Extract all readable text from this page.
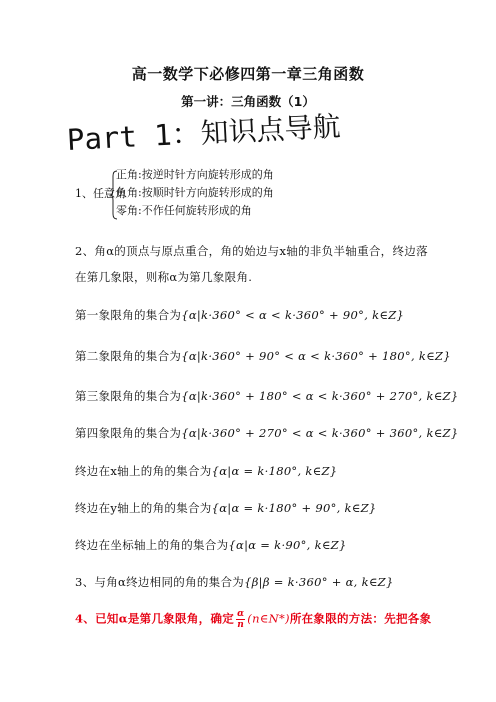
高一数学下必修四第一章三角函数
第一讲：三角函数（1）
Part 1：知识点导航
1、任意角
正角:按逆时针方向旋转形成的角
负角:按顺时针方向旋转形成的角
零角:不作任何旋转形成的角
2、角α的顶点与原点重合，角的始边与x轴的非负半轴重合，终边落
在第几象限，则称α为第几象限角.
第一象限角的集合为{α|k·360° < α < k·360° + 90°, k∈Z}
第二象限角的集合为{α|k·360° + 90° < α < k·360° + 180°, k∈Z}
第三象限角的集合为{α|k·360° + 180° < α < k·360° + 270°, k∈Z}
第四象限角的集合为{α|k·360° + 270° < α < k·360° + 360°, k∈Z}
终边在x轴上的角的集合为{α|α = k·180°, k∈Z}
终边在y轴上的角的集合为{α|α = k·180° + 90°, k∈Z}
终边在坐标轴上的角的集合为{α|α = k·90°, k∈Z}
3、与角α终边相同的角的集合为{β|β = k·360° + α, k∈Z}
4、已知α是第几象限角，确定 $\frac{\alpha}{n}$ (n∈N*)所在象限的方法：先把各象
